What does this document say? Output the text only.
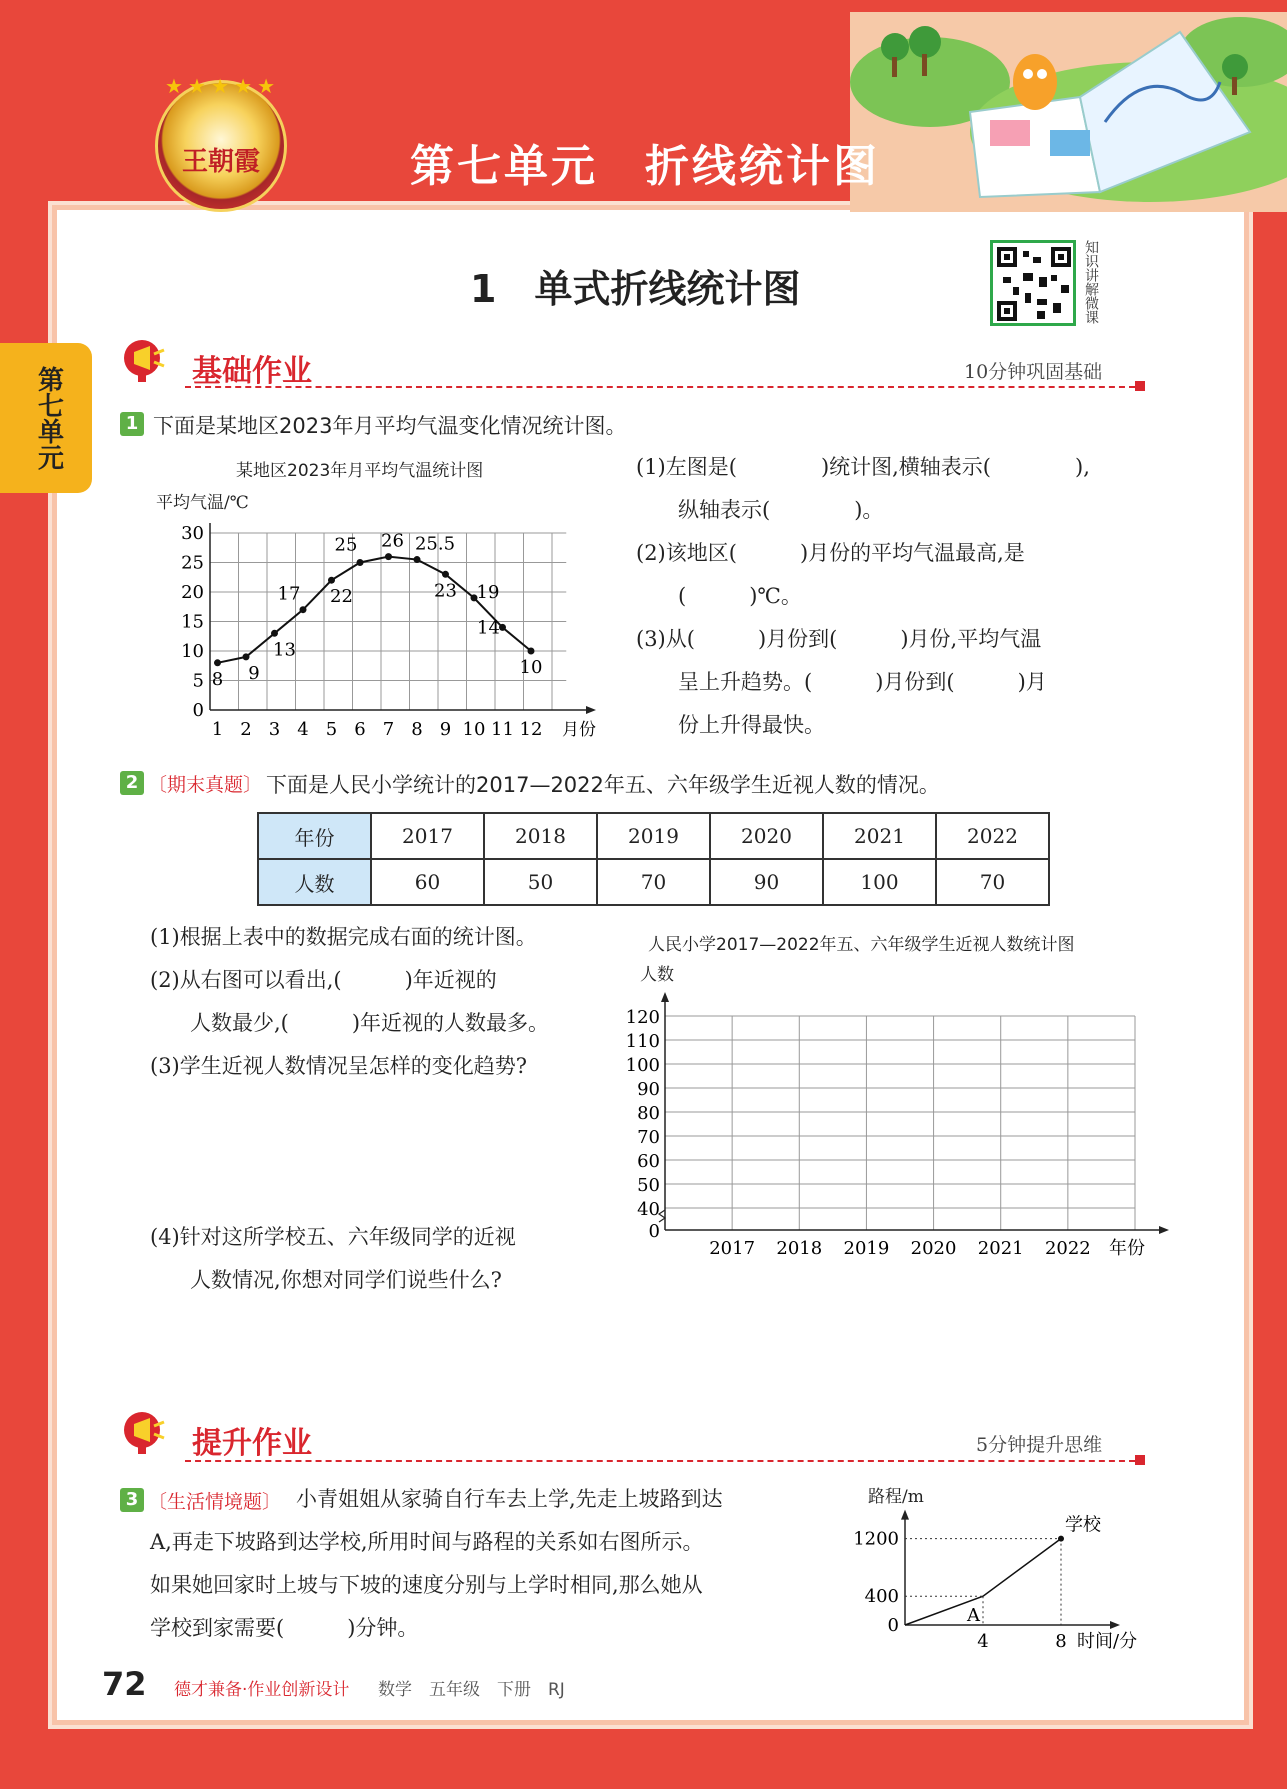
王朝霞
★ ★ ★ ★ ★
第七单元　折线统计图
第七单元
1　单式折线统计图	知识讲解微课
基础作业	10分钟巩固基础
1 下面是某地区2023年月平均气温变化情况统计图。
某地区2023年月平均气温统计图
平均气温/℃
0
5
10
15
20
25
30
1 2 3 4 5 6 7 8 9 10 11 12 月份
8 9
13
17 22
25 26 25.5
23 19
14
10
(1)左图是(　　　　)统计图,横轴表示(　　　　),
纵轴表示(　　　　)。
(2)该地区(　　　)月份的平均气温最高,是
(　　　)℃。
(3)从(　　　)月份到(　　　)月份,平均气温
呈上升趋势。(　　　)月份到(　　　)月
份上升得最快。
2 〔期末真题〕 下面是人民小学统计的2017—2022年五、六年级学生近视人数的情况。
年份	2017	2018	2019	2020	2021	2022
人数	60	50	70	90	100	70
(1)根据上表中的数据完成右面的统计图。
(2)从右图可以看出,(　　　)年近视的
人数最少,(　　　)年近视的人数最多。
(3)学生近视人数情况呈怎样的变化趋势?
(4)针对这所学校五、六年级同学的近视
人数情况,你想对同学们说些什么?
人民小学2017—2022年五、六年级学生近视人数统计图
人数
0
40
50
60
70
80
90
100
110
120
2017 2018 2019 2020 2021 2022 年份
提升作业	5分钟提升思维
3 〔生活情境题〕 小青姐姐从家骑自行车去上学,先走上坡路到达
A,再走下坡路到达学校,所用时间与路程的关系如右图所示。
如果她回家时上坡与下坡的速度分别与上学时相同,那么她从
学校到家需要(　　　)分钟。
路程/m
0
400
1200
4	8 时间/分
A
学校
72 德才兼备·作业创新设计 数学　五年级　下册　RJ
